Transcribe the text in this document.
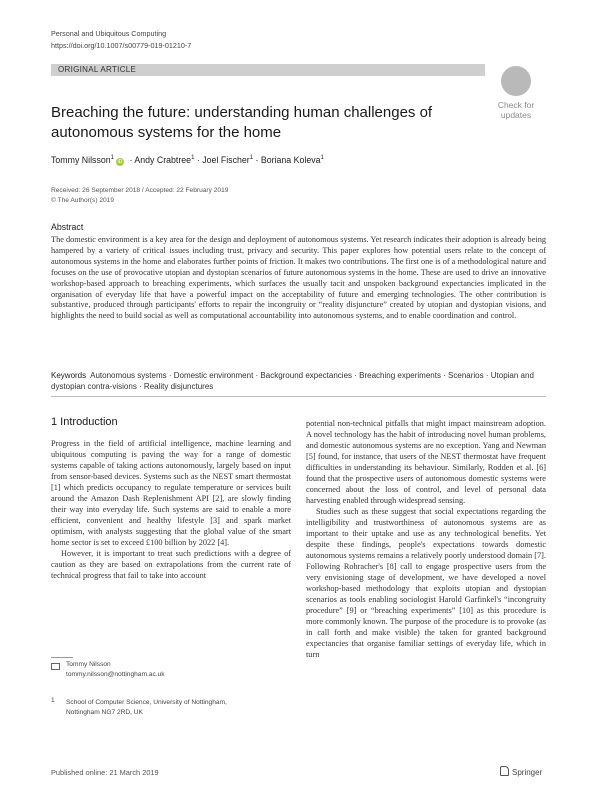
Personal and Ubiquitous Computing
https://doi.org/10.1007/s00779-019-01210-7
ORIGINAL ARTICLE
Check for
updates
Breaching the future: understanding human challenges of autonomous systems for the home
Tommy Nilsson$^1$iD · Andy Crabtree$^1$ · Joel Fischer$^1$ · Boriana Koleva$^1$
Received: 26 September 2018 / Accepted: 22 February 2019
© The Author(s) 2019
Abstract
The domestic environment is a key area for the design and deployment of autonomous systems. Yet research indicates their adoption is already being hampered by a variety of critical issues including trust, privacy and security. This paper explores how potential users relate to the concept of autonomous systems in the home and elaborates further points of friction. It makes two contributions. The first one is of a methodological nature and focuses on the use of provocative utopian and dystopian scenarios of future autonomous systems in the home. These are used to drive an innovative workshop-based approach to breaching experiments, which surfaces the usually tacit and unspoken background expectancies implicated in the organisation of everyday life that have a powerful impact on the acceptability of future and emerging technologies. The other contribution is substantive, produced through participants' efforts to repair the incongruity or “reality disjuncture” created by utopian and dystopian visions, and highlights the need to build social as well as computational accountability into autonomous systems, and to enable coordination and control.
Keywords Autonomous systems · Domestic environment · Background expectancies · Breaching experiments · Scenarios · Utopian and dystopian contra-visions · Reality disjunctures
1 Introduction

Progress in the field of artificial intelligence, machine learning and ubiquitous computing is paving the way for a range of domestic systems capable of taking actions autonomously, largely based on input from sensor-based devices. Systems such as the NEST smart thermostat [1] which predicts occupancy to regulate temperature or services built around the Amazon Dash Replenishment API [2], are slowly finding their way into everyday life. Such systems are said to enable a more efficient, convenient and healthy lifestyle [3] and spark market optimism, with analysts suggesting that the global value of the smart home sector is set to exceed £100 billion by 2022 [4].

However, it is important to treat such predictions with a degree of caution as they are based on extrapolations from the current rate of technical progress that fail to take into account

potential non-technical pitfalls that might impact mainstream adoption. A novel technology has the habit of introducing novel human problems, and domestic autonomous systems are no exception. Yang and Newman [5] found, for instance, that users of the NEST thermostat have frequent difficulties in understanding its behaviour. Similarly, Rodden et al. [6] found that the prospective users of autonomous domestic systems were concerned about the loss of control, and level of personal data harvesting enabled through widespread sensing.

Studies such as these suggest that social expectations regarding the intelligibility and trustworthiness of autonomous systems are as important to their uptake and use as any technological benefits. Yet despite these findings, people's expectations towards domestic autonomous systems remains a relatively poorly understood domain [7]. Following Rohracher's [8] call to engage prospective users from the very envisioning stage of development, we have developed a novel workshop-based methodology that exploits utopian and dystopian scenarios as tools enabling sociologist Harold Garfinkel's “incongruity procedure” [9] or “breaching experiments” [10] as this procedure is more commonly known. The purpose of the procedure is to provoke (as in call forth and make visible) the taken for granted background expectancies that organise familiar settings of everyday life, which in turn

Tommy Nilsson
tommy.nilsson@nottingham.ac.uk
1 School of Computer Science, University of Nottingham,
Nottingham NG7 2RD, UK
Published online: 21 March 2019	Springer
